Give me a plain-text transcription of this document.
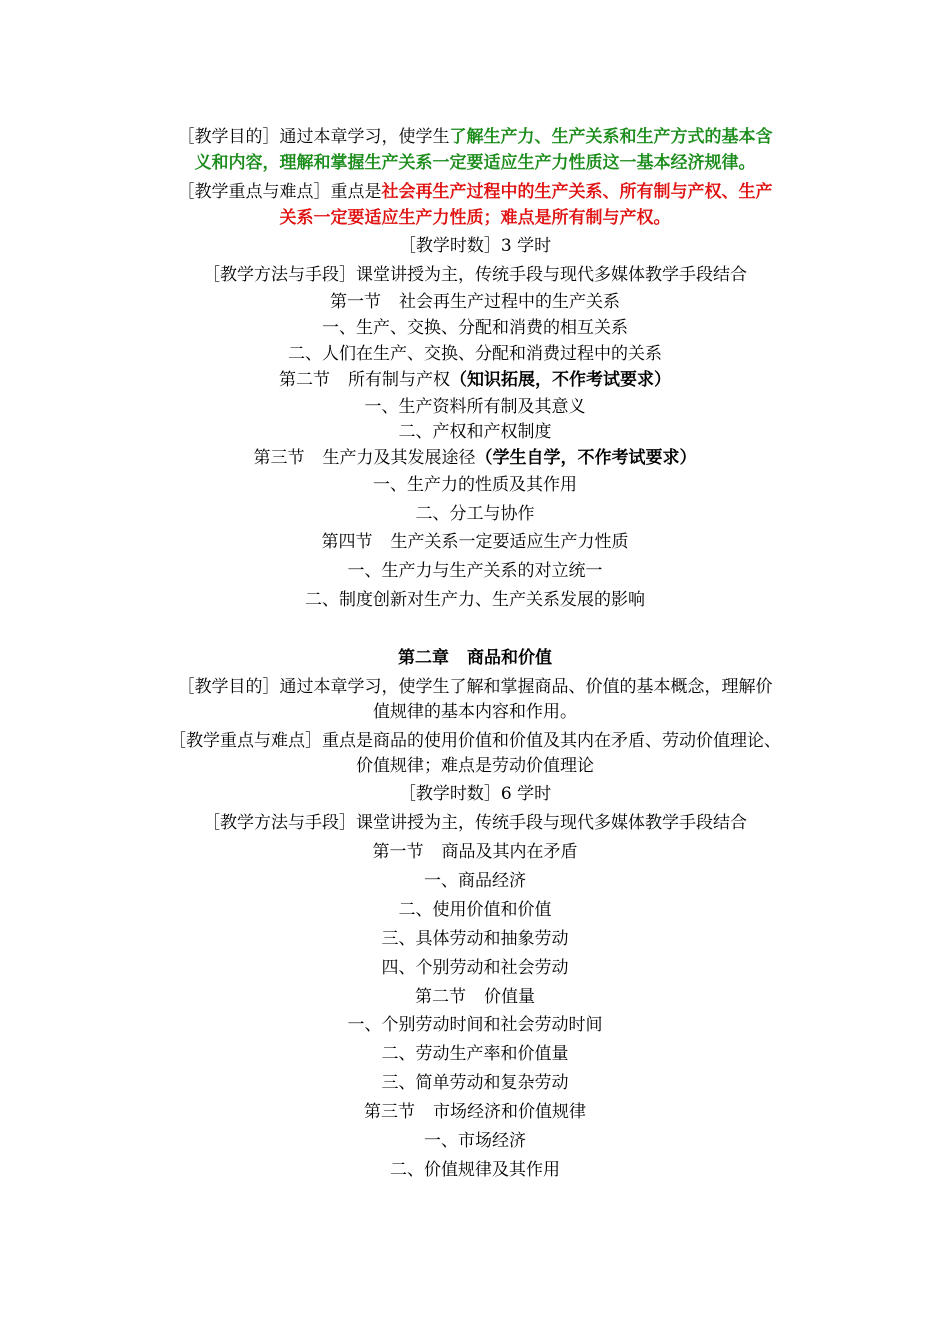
［教学目的］通过本章学习，使学生了解生产力、生产关系和生产方式的基本含
义和内容，理解和掌握生产关系一定要适应生产力性质这一基本经济规律。
［教学重点与难点］重点是社会再生产过程中的生产关系、所有制与产权、生产
关系一定要适应生产力性质；难点是所有制与产权。
［教学时数］3 学时
［教学方法与手段］课堂讲授为主，传统手段与现代多媒体教学手段结合
第一节 社会再生产过程中的生产关系
一、生产、交换、分配和消费的相互关系
二、人们在生产、交换、分配和消费过程中的关系
第二节 所有制与产权（知识拓展，不作考试要求）
一、生产资料所有制及其意义
二、产权和产权制度
第三节 生产力及其发展途径（学生自学，不作考试要求）
一、生产力的性质及其作用
二、分工与协作
第四节 生产关系一定要适应生产力性质
一、生产力与生产关系的对立统一
二、制度创新对生产力、生产关系发展的影响
第二章 商品和价值
［教学目的］通过本章学习，使学生了解和掌握商品、价值的基本概念，理解价
值规律的基本内容和作用。
［教学重点与难点］重点是商品的使用价值和价值及其内在矛盾、劳动价值理论、
价值规律；难点是劳动价值理论
［教学时数］6 学时
［教学方法与手段］课堂讲授为主，传统手段与现代多媒体教学手段结合
第一节 商品及其内在矛盾
一、商品经济
二、使用价值和价值
三、具体劳动和抽象劳动
四、个别劳动和社会劳动
第二节 价值量
一、个别劳动时间和社会劳动时间
二、劳动生产率和价值量
三、简单劳动和复杂劳动
第三节 市场经济和价值规律
一、市场经济
二、价值规律及其作用
